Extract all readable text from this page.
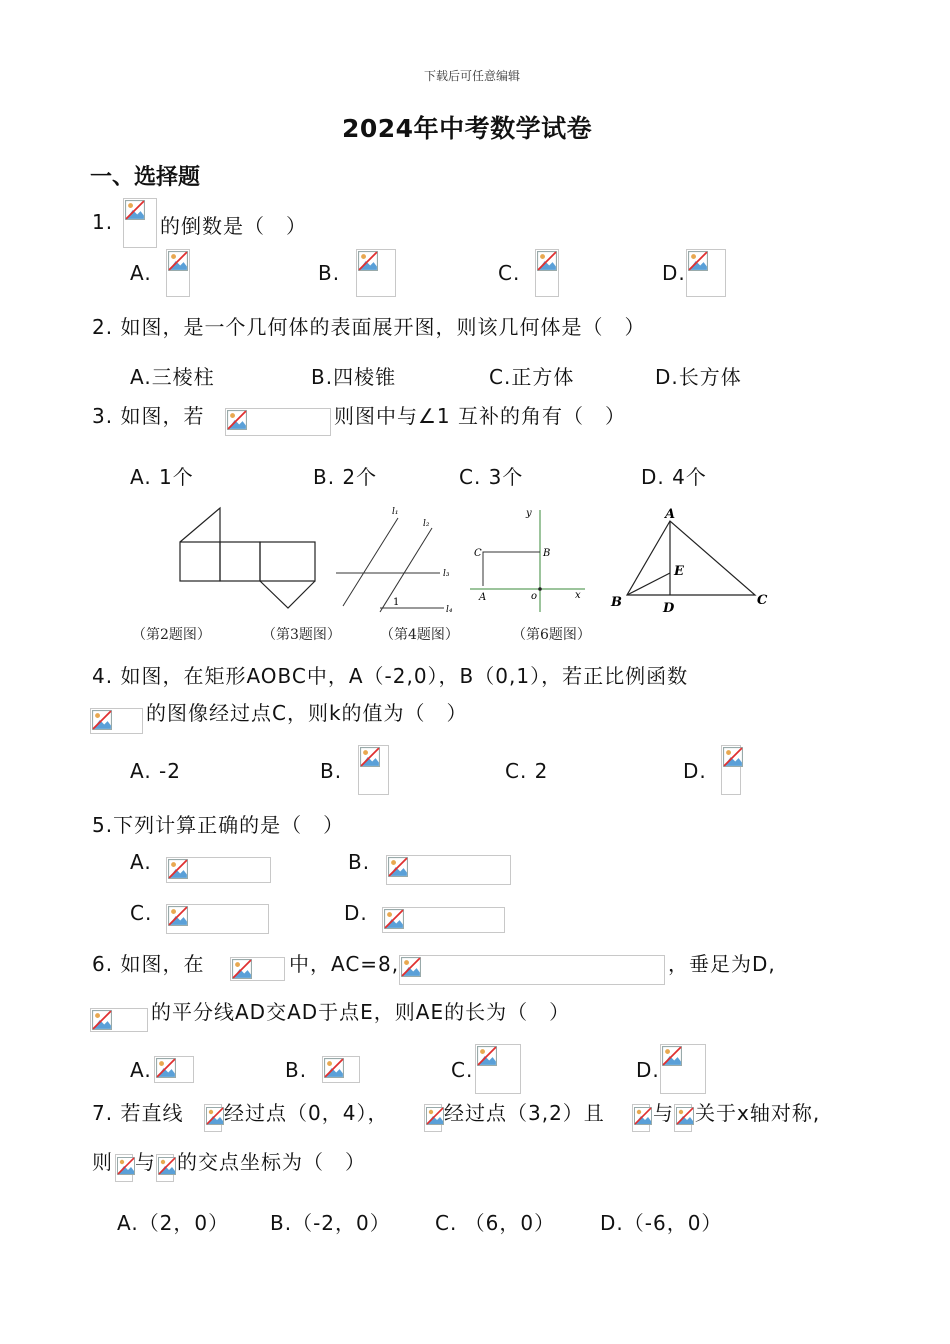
下载后可任意编辑
2024年中考数学试卷
一、选择题
1. 的倒数是（　）
A.	B.	C.	D.
2. 如图，是一个几何体的表面展开图，则该几何体是（　）
A.三棱柱	B.四棱锥	C.正方体	D.长方体
3. 如图，若	则图中与∠1 互补的角有（　）
A. 1个	B. 2个	C. 3个	D. 4个
l₁
l₂
l₃
l₄
1
y
C	B
A	o	x
A
E
B	D
C
（第2题图）	（第3题图）	（第4题图）	（第6题图）
4. 如图，在矩形AOBC中，A（-2,0），B（0,1），若正比例函数
的图像经过点C，则k的值为（　）
A. -2	B.	C. 2	D.
5.下列计算正确的是（　）
A.	B.
C.	D.
6. 如图，在	中，AC=8,	，垂足为D,
的平分线AD交AD于点E，则AE的长为（　）
A.	B.	C.	D.
7. 若直线 经过点（0，4），	经过点（3,2）且 与 关于x轴对称,
则 与 的交点坐标为（　）
A.（2，0） B.（-2，0） C. （6，0） D.（-6，0）
